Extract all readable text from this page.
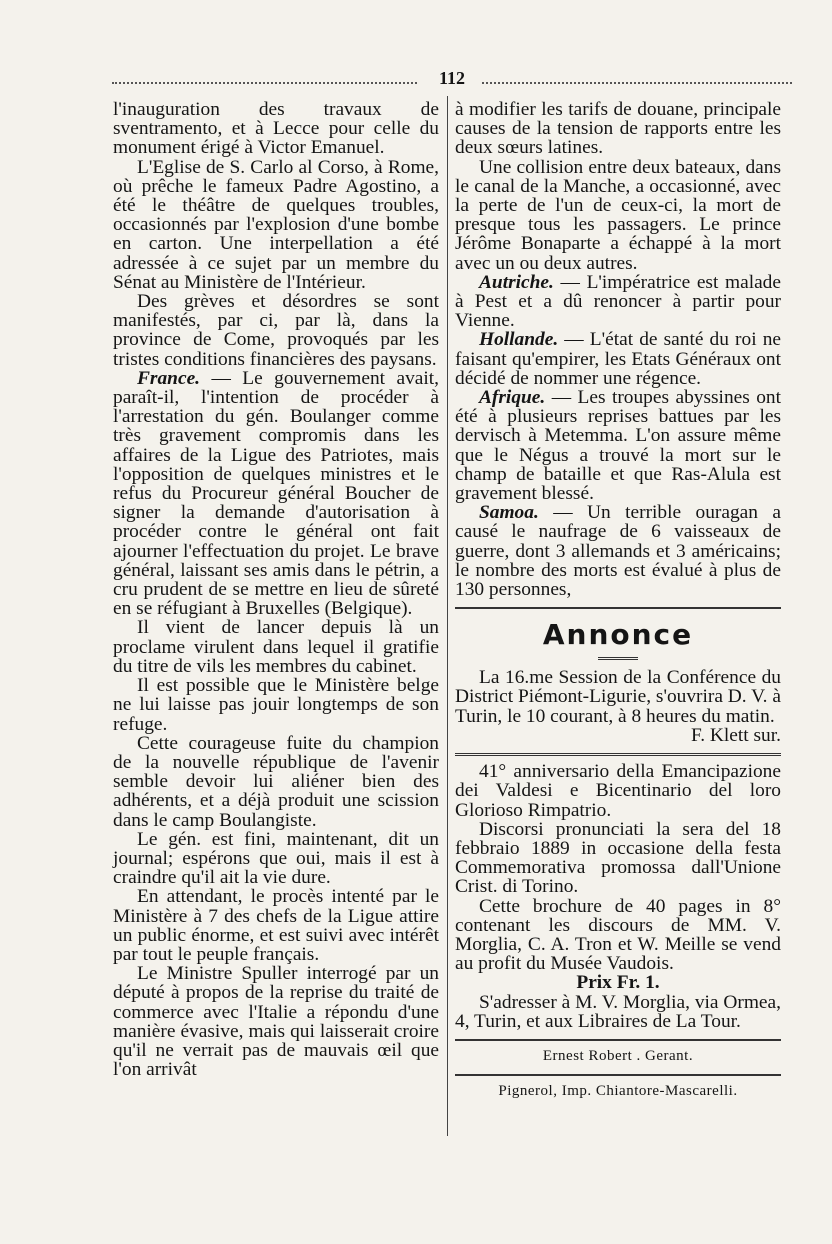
112

l'inauguration des travaux de sventramento, et à Lecce pour celle du monument érigé à Victor Emanuel.

L'Eglise de S. Carlo al Corso, à Rome, où prêche le fameux Padre Agostino, a été le théâtre de quelques troubles, occasionnés par l'explosion d'une bombe en carton. Une interpellation a été adressée à ce sujet par un membre du Sénat au Ministère de l'Intérieur.

Des grèves et désordres se sont manifestés, par ci, par là, dans la province de Come, provoqués par les tristes conditions financières des paysans.

France. — Le gouvernement avait, paraît-il, l'intention de procéder à l'arrestation du gén. Boulanger comme très gravement compromis dans les affaires de la Ligue des Patriotes, mais l'opposition de quelques ministres et le refus du Procureur général Boucher de signer la demande d'autorisation à procéder contre le général ont fait ajourner l'effectuation du projet. Le brave général, laissant ses amis dans le pétrin, a cru prudent de se mettre en lieu de sûreté en se réfugiant à Bruxelles (Belgique).

Il vient de lancer depuis là un proclame virulent dans lequel il gratifie du titre de vils les membres du cabinet.

Il est possible que le Ministère belge ne lui laisse pas jouir longtemps de son refuge.

Cette courageuse fuite du champion de la nouvelle république de l'avenir semble devoir lui aliéner bien des adhérents, et a déjà produit une scission dans le camp Boulangiste.

Le gén. est fini, maintenant, dit un journal; espérons que oui, mais il est à craindre qu'il ait la vie dure.

En attendant, le procès intenté par le Ministère à 7 des chefs de la Ligue attire un public énorme, et est suivi avec intérêt par tout le peuple français.

Le Ministre Spuller interrogé par un député à propos de la reprise du traité de commerce avec l'Italie a répondu d'une manière évasive, mais qui laisserait croire qu'il ne verrait pas de mauvais œil que l'on arrivât

à modifier les tarifs de douane, principale causes de la tension de rapports entre les deux sœurs latines.

Une collision entre deux bateaux, dans le canal de la Manche, a occasionné, avec la perte de l'un de ceux-ci, la mort de presque tous les passagers. Le prince Jérôme Bonaparte a échappé à la mort avec un ou deux autres.

Autriche. — L'impératrice est malade à Pest et a dû renoncer à partir pour Vienne.

Hollande. — L'état de santé du roi ne faisant qu'empirer, les Etats Généraux ont décidé de nommer une régence.

Afrique. — Les troupes abyssines ont été à plusieurs reprises battues par les dervisch à Metemma. L'on assure même que le Négus a trouvé la mort sur le champ de bataille et que Ras-Alula est gravement blessé.

Samoa. — Un terrible ouragan a causé le naufrage de 6 vaisseaux de guerre, dont 3 allemands et 3 américains; le nombre des morts est évalué à plus de 130 personnes,

Annonce

La 16.me Session de la Conférence du District Piémont-Ligurie, s'ouvrira D. V. à Turin, le 10 courant, à 8 heures du matin.

F. Klett sur.

41° anniversario della Emancipazione dei Valdesi e Bicentinario del loro Glorioso Rimpatrio.

Discorsi pronunciati la sera del 18 febbraio 1889 in occasione della festa Commemorativa promossa dall'Unione Crist. di Torino.

Cette brochure de 40 pages in 8° contenant les discours de MM. V. Morglia, C. A. Tron et W. Meille se vend au profit du Musée Vaudois.

Prix Fr. 1.

S'adresser à M. V. Morglia, via Ormea, 4, Turin, et aux Libraires de La Tour.

Ernest Robert . Gerant.

Pignerol, Imp. Chiantore-Mascarelli.
